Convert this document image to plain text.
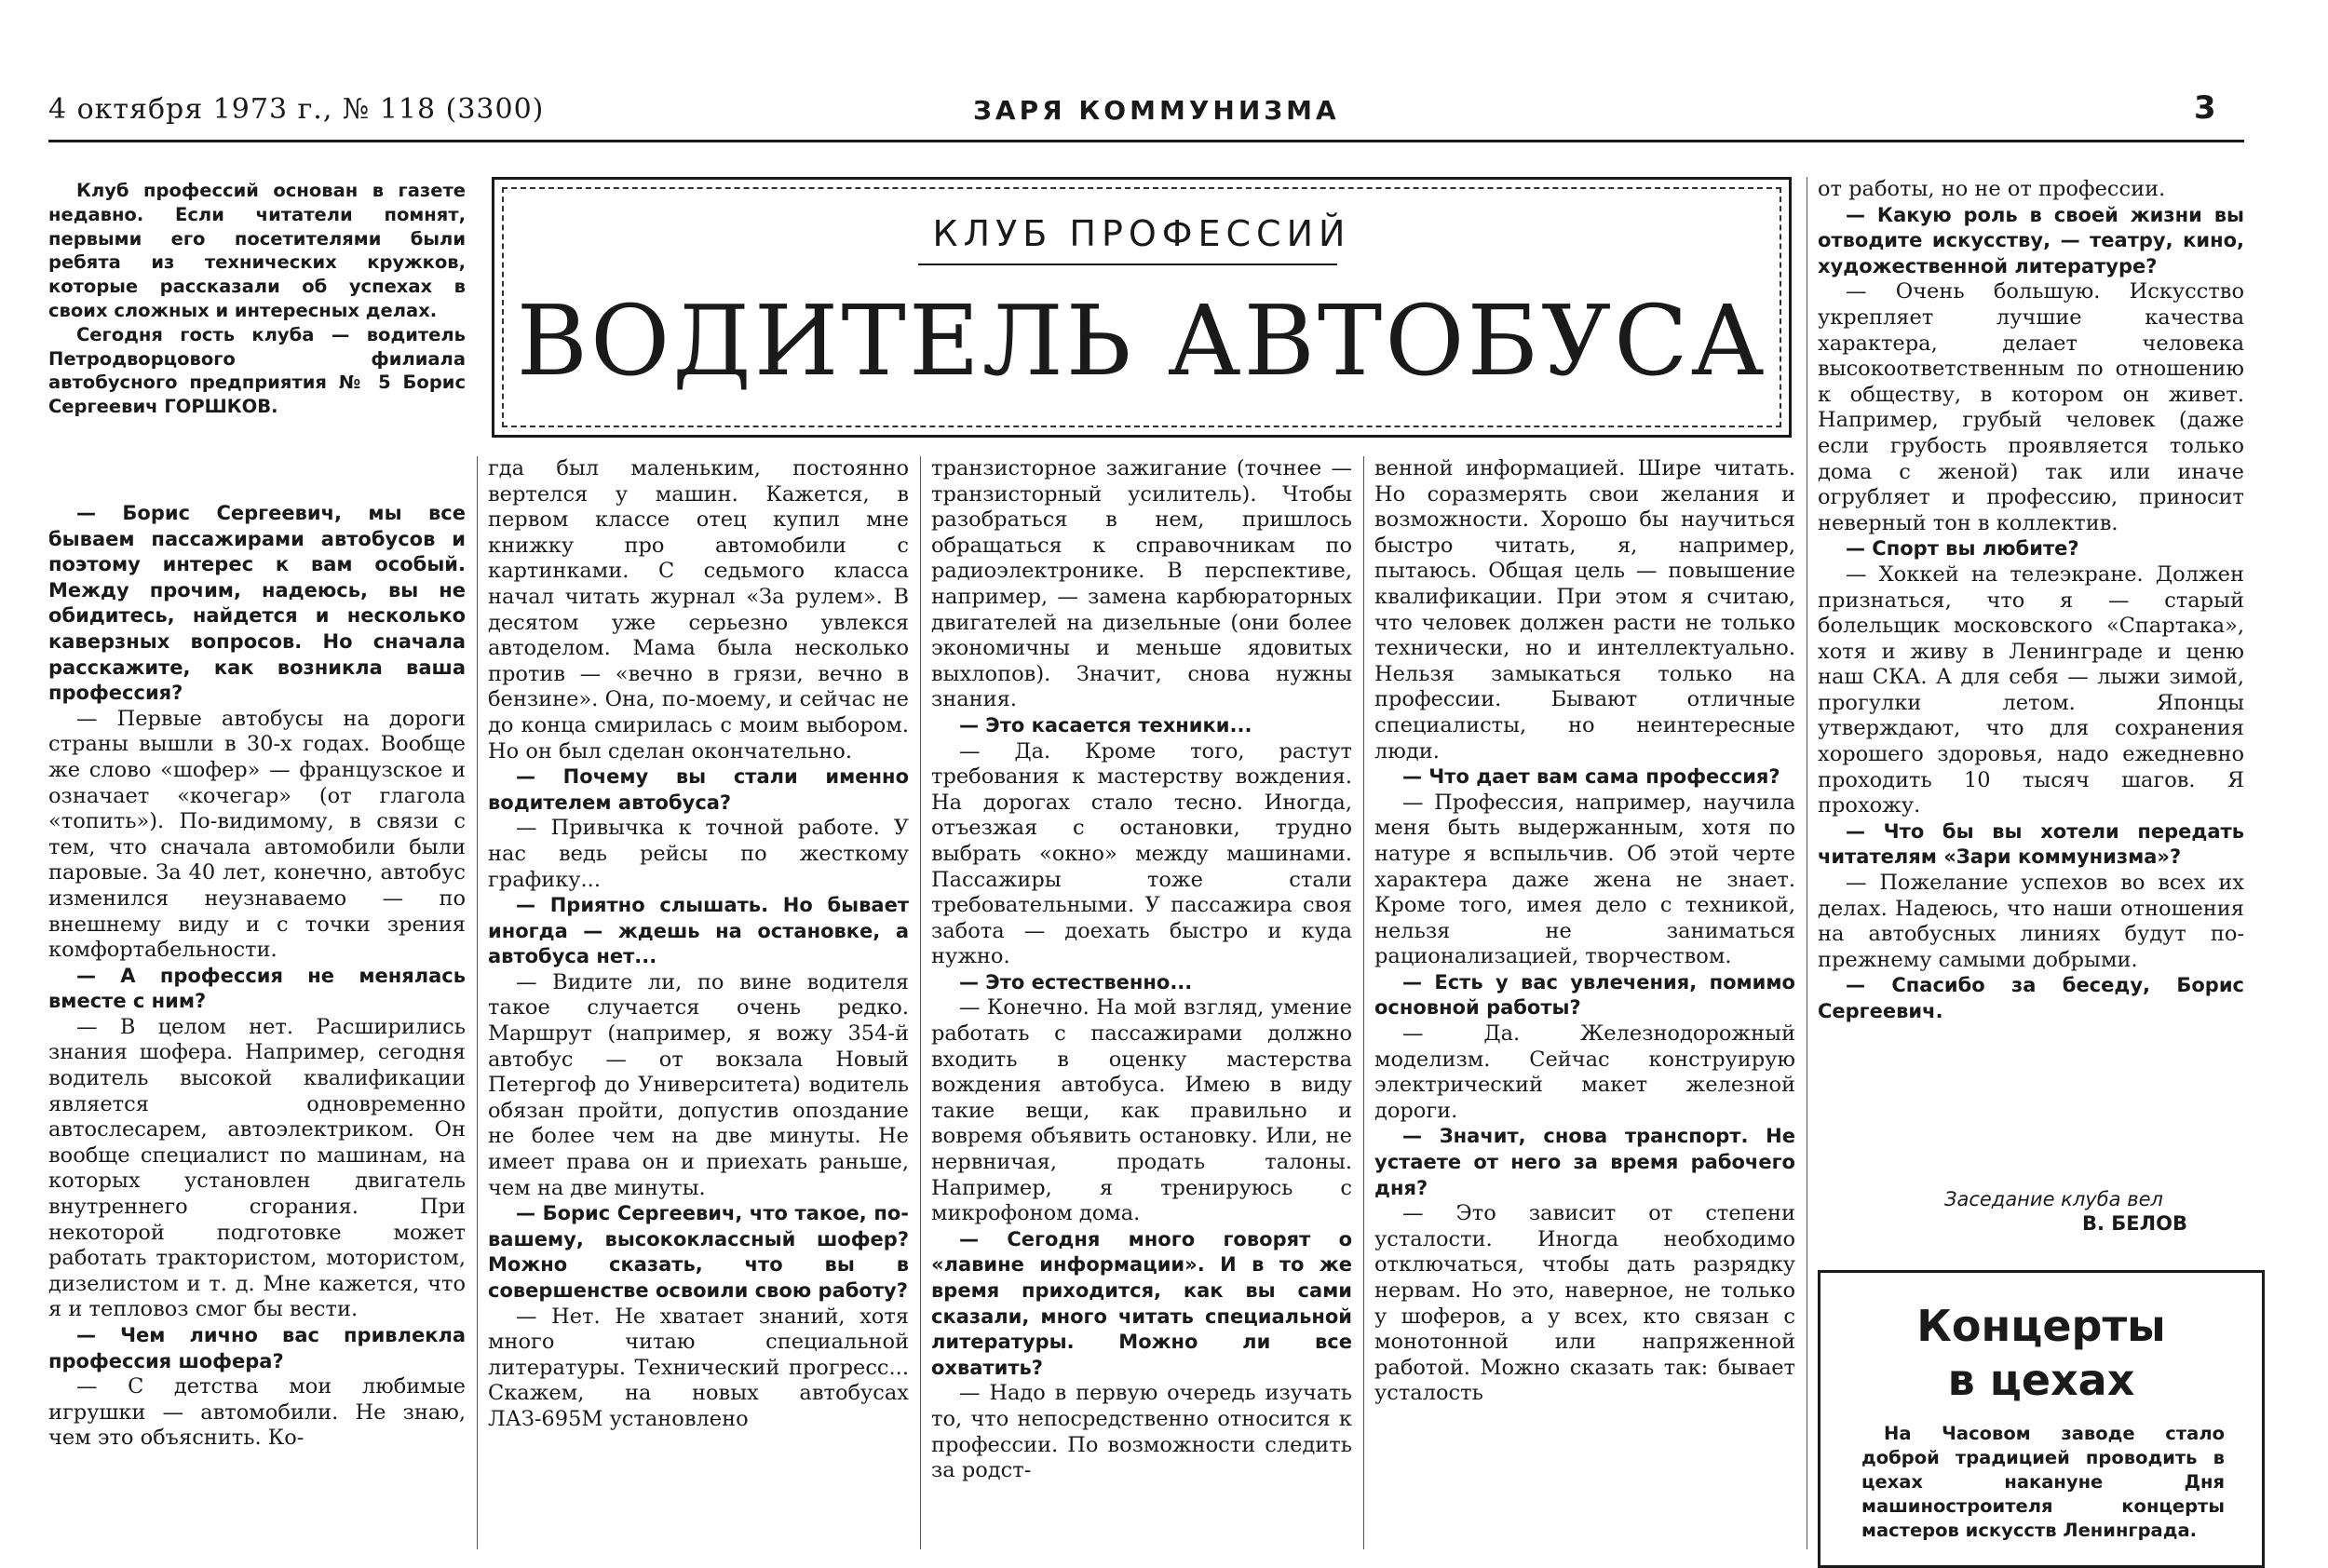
4 октября 1973 г., № 118 (3300)	ЗАРЯ КОММУНИЗМА	3

Клуб профессий основан в газете недавно. Если читатели помнят, первыми его посетителями были ребята из технических кружков, которые рассказали об успехах в своих сложных и интересных делах.

Сегодня гость клуба — водитель Петродворцового филиала автобусного предприятия № 5 Борис Сергеевич ГОРШКОВ.

КЛУБ ПРОФЕССИЙ
ВОДИТЕЛЬ АВТОБУСА

— Борис Сергеевич, мы все бываем пассажирами автобусов и поэтому интерес к вам особый. Между прочим, надеюсь, вы не обидитесь, найдется и несколько каверзных вопросов. Но сначала расскажите, как возникла ваша профессия?

— Первые автобусы на дороги страны вышли в 30-х годах. Вообще же слово «шофер» — французское и означает «кочегар» (от глагола «топить»). По-видимому, в связи с тем, что сначала автомобили были паровые. За 40 лет, конечно, автобус изменился неузнаваемо — по внешнему виду и с точки зрения комфортабельности.

— А профессия не менялась вместе с ним?

— В целом нет. Расширились знания шофера. Например, сегодня водитель высокой квалификации является одновременно автослесарем, автоэлектриком. Он вообще специалист по машинам, на которых установлен двигатель внутреннего сгорания. При некоторой подготовке может работать трактористом, мотористом, дизелистом и т. д. Мне кажется, что я и тепловоз смог бы вести.

— Чем лично вас привлекла профессия шофера?

— С детства мои любимые игрушки — автомобили. Не знаю, чем это объяснить. Ко-

гда был маленьким, постоянно вертелся у машин. Кажется, в первом классе отец купил мне книжку про автомобили с картинками. С седьмого класса начал читать журнал «За рулем». В десятом уже серьезно увлекся автоделом. Мама была несколько против — «вечно в грязи, вечно в бензине». Она, по-моему, и сейчас не до конца смирилась с моим выбором. Но он был сделан окончательно.

— Почему вы стали именно водителем автобуса?

— Привычка к точной работе. У нас ведь рейсы по жесткому графику...

— Приятно слышать. Но бывает иногда — ждешь на остановке, а автобуса нет...

— Видите ли, по вине водителя такое случается очень редко. Маршрут (например, я вожу 354-й автобус — от вокзала Новый Петергоф до Университета) водитель обязан пройти, допустив опоздание не более чем на две минуты. Не имеет права он и приехать раньше, чем на две минуты.

— Борис Сергеевич, что такое, по-вашему, высококлассный шофер? Можно сказать, что вы в совершенстве освоили свою работу?

— Нет. Не хватает знаний, хотя много читаю специальной литературы. Технический прогресс... Скажем, на новых автобусах ЛАЗ-695М установлено

транзисторное зажигание (точнее — транзисторный усилитель). Чтобы разобраться в нем, пришлось обращаться к справочникам по радиоэлектронике. В перспективе, например, — замена карбюраторных двигателей на дизельные (они более экономичны и меньше ядовитых выхлопов). Значит, снова нужны знания.

— Это касается техники...

— Да. Кроме того, растут требования к мастерству вождения. На дорогах стало тесно. Иногда, отъезжая с остановки, трудно выбрать «окно» между машинами. Пассажиры тоже стали требовательными. У пассажира своя забота — доехать быстро и куда нужно.

— Это естественно...

— Конечно. На мой взгляд, умение работать с пассажирами должно входить в оценку мастерства вождения автобуса. Имею в виду такие вещи, как правильно и вовремя объявить остановку. Или, не нервничая, продать талоны. Например, я тренируюсь с микрофоном дома.

— Сегодня много говорят о «лавине информации». И в то же время приходится, как вы сами сказали, много читать специальной литературы. Можно ли все охватить?

— Надо в первую очередь изучать то, что непосредственно относится к профессии. По возможности следить за родст-

венной информацией. Шире читать. Но соразмерять свои желания и возможности. Хорошо бы научиться быстро читать, я, например, пытаюсь. Общая цель — повышение квалификации. При этом я считаю, что человек должен расти не только технически, но и интеллектуально. Нельзя замыкаться только на профессии. Бывают отличные специалисты, но неинтересные люди.

— Что дает вам сама профессия?

— Профессия, например, научила меня быть выдержанным, хотя по натуре я вспыльчив. Об этой черте характера даже жена не знает. Кроме того, имея дело с техникой, нельзя не заниматься рационализацией, творчеством.

— Есть у вас увлечения, помимо основной работы?

— Да. Железнодорожный моделизм. Сейчас конструирую электрический макет железной дороги.

— Значит, снова транспорт. Не устаете от него за время рабочего дня?

— Это зависит от степени усталости. Иногда необходимо отключаться, чтобы дать разрядку нервам. Но это, наверное, не только у шоферов, а у всех, кто связан с монотонной или напряженной работой. Можно сказать так: бывает усталость

от работы, но не от профессии.

— Какую роль в своей жизни вы отводите искусству, — театру, кино, художественной литературе?

— Очень большую. Искусство укрепляет лучшие качества характера, делает человека высокоответственным по отношению к обществу, в котором он живет. Например, грубый человек (даже если грубость проявляется только дома с женой) так или иначе огрубляет и профессию, приносит неверный тон в коллектив.

— Спорт вы любите?

— Хоккей на телеэкране. Должен признаться, что я — старый болельщик московского «Спартака», хотя и живу в Ленинграде и ценю наш СКА. А для себя — лыжи зимой, прогулки летом. Японцы утверждают, что для сохранения хорошего здоровья, надо ежедневно проходить 10 тысяч шагов. Я прохожу.

— Что бы вы хотели передать читателям «Зари коммунизма»?

— Пожелание успехов во всех их делах. Надеюсь, что наши отношения на автобусных линиях будут по-прежнему самыми добрыми.

— Спасибо за беседу, Борис Сергеевич.

Заседание клуба вел
В. БЕЛОВ
Концерты
в цехах
На Часовом заводе стало доброй традицией проводить в цехах накануне Дня машиностроителя концерты мастеров искусств Ленинграда.
